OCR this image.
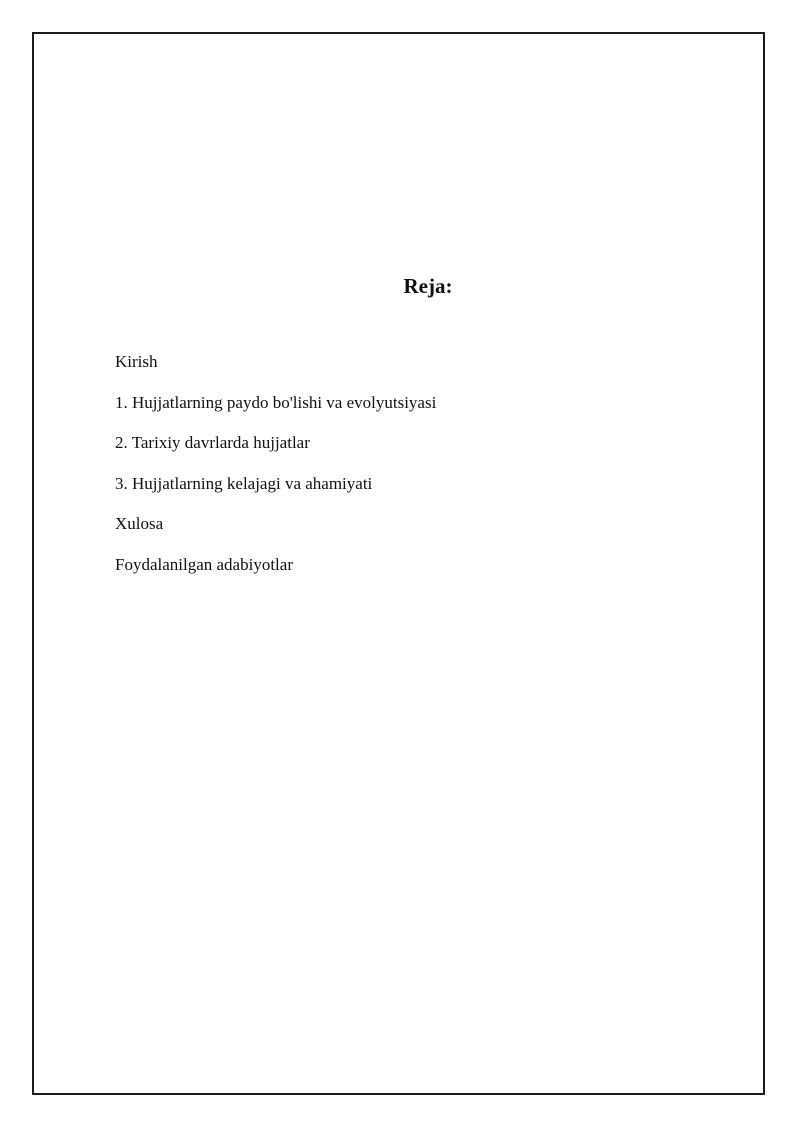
Reja:
Kirish
1. Hujjatlarning paydo bo'lishi va evolyutsiyasi
2. Tarixiy davrlarda hujjatlar
3. Hujjatlarning kelajagi va ahamiyati
Xulosa
Foydalanilgan adabiyotlar
